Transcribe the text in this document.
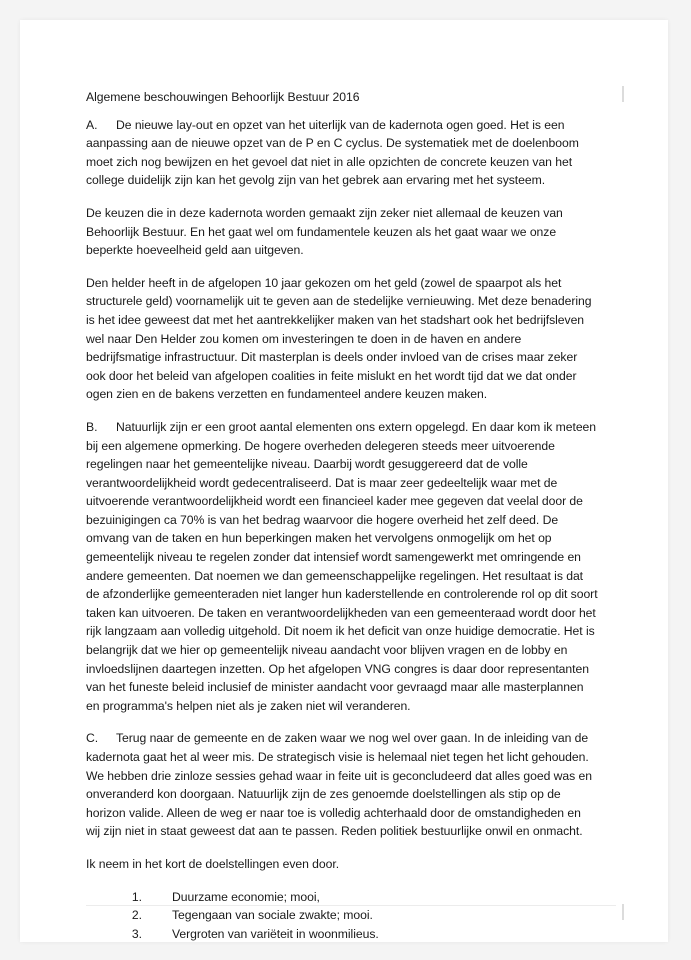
Algemene beschouwingen Behoorlijk Bestuur 2016

A. De nieuwe lay-out en opzet van het uiterlijk van de kadernota ogen goed. Het is een aanpassing aan de nieuwe opzet van de P en C cyclus. De systematiek met de doelenboom moet zich nog bewijzen en het gevoel dat niet in alle opzichten de concrete keuzen van het college duidelijk zijn kan het gevolg zijn van het gebrek aan ervaring met het systeem.

De keuzen die in deze kadernota worden gemaakt zijn zeker niet allemaal de keuzen van Behoorlijk Bestuur. En het gaat wel om fundamentele keuzen als het gaat waar we onze beperkte hoeveelheid geld aan uitgeven.

Den helder heeft in de afgelopen 10 jaar gekozen om het geld (zowel de spaarpot als het structurele geld) voornamelijk uit te geven aan de stedelijke vernieuwing. Met deze benadering is het idee geweest dat met het aantrekkelijker maken van het stadshart ook het bedrijfsleven wel naar Den Helder zou komen om investeringen te doen in de haven en andere bedrijfsmatige infrastructuur. Dit masterplan is deels onder invloed van de crises maar zeker ook door het beleid van afgelopen coalities in feite mislukt en het wordt tijd dat we dat onder ogen zien en de bakens verzetten en fundamenteel andere keuzen maken.

B. Natuurlijk zijn er een groot aantal elementen ons extern opgelegd. En daar kom ik meteen bij een algemene opmerking. De hogere overheden delegeren steeds meer uitvoerende regelingen naar het gemeentelijke niveau. Daarbij wordt gesuggereerd dat de volle verantwoordelijkheid wordt gedecentraliseerd. Dat is maar zeer gedeeltelijk waar met de uitvoerende verantwoordelijkheid wordt een financieel kader mee gegeven dat veelal door de bezuinigingen ca 70% is van het bedrag waarvoor die hogere overheid het zelf deed. De omvang van de taken en hun beperkingen maken het vervolgens onmogelijk om het op gemeentelijk niveau te regelen zonder dat intensief wordt samengewerkt met omringende en andere gemeenten. Dat noemen we dan gemeenschappelijke regelingen. Het resultaat is dat de afzonderlijke gemeenteraden niet langer hun kaderstellende en controlerende rol op dit soort taken kan uitvoeren. De taken en verantwoordelijkheden van een gemeenteraad wordt door het rijk langzaam aan volledig uitgehold. Dit noem ik het deficit van onze huidige democratie. Het is belangrijk dat we hier op gemeentelijk niveau aandacht voor blijven vragen en de lobby en invloedslijnen daartegen inzetten. Op het afgelopen VNG congres is daar door representanten van het funeste beleid inclusief de minister aandacht voor gevraagd maar alle masterplannen en programma's helpen niet als je zaken niet wil veranderen.

C. Terug naar de gemeente en de zaken waar we nog wel over gaan. In de inleiding van de kadernota gaat het al weer mis. De strategisch visie is helemaal niet tegen het licht gehouden. We hebben drie zinloze sessies gehad waar in feite uit is geconcludeerd dat alles goed was en onveranderd kon doorgaan. Natuurlijk zijn de zes genoemde doelstellingen als stip op de horizon valide. Alleen de weg er naar toe is volledig achterhaald door de omstandigheden en wij zijn niet in staat geweest dat aan te passen. Reden politiek bestuurlijke onwil en onmacht.

Ik neem in het kort de doelstellingen even door.

1.	Duurzame economie; mooi,
2.	Tegengaan van sociale zwakte; mooi.
3.	Vergroten van variëteit in woonmilieus.
